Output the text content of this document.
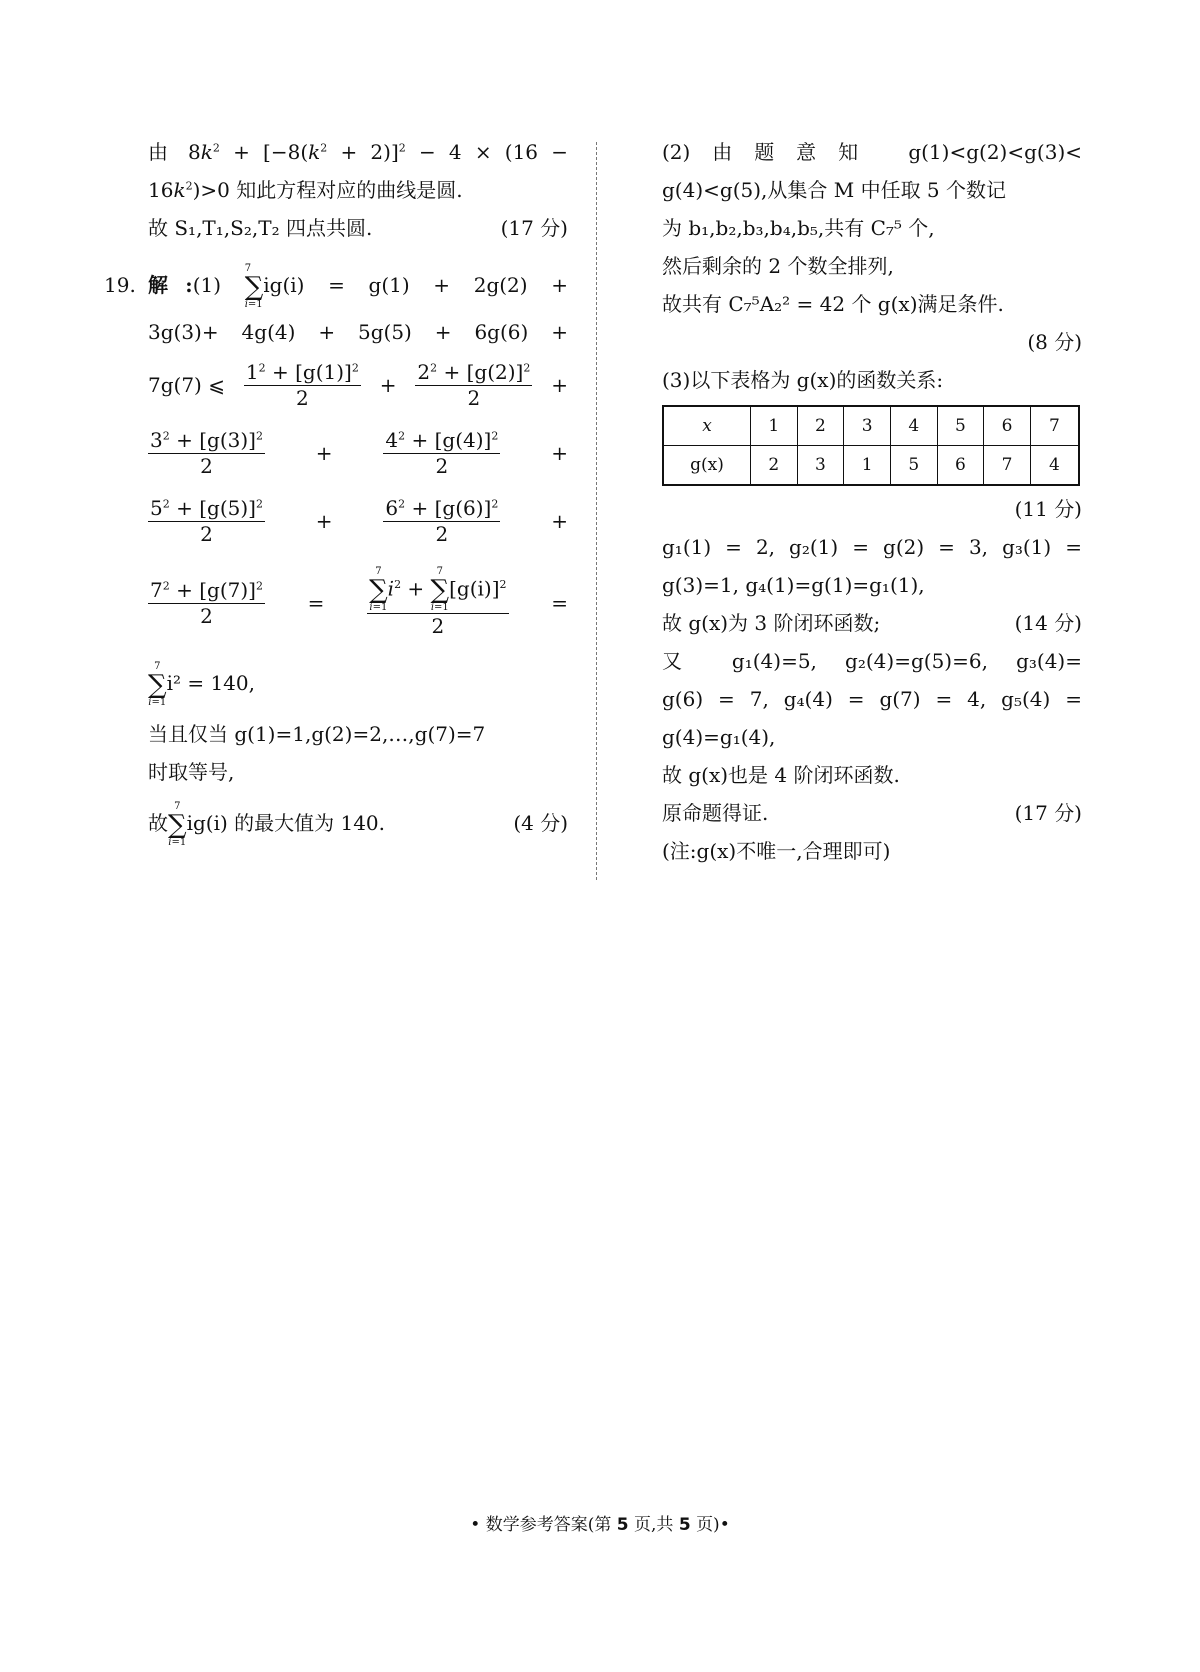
由 $8k^2 + [-8(k^2 + 2)]^2 - 4 \times (16$ −
$16k^2)>0$ 知此方程对应的曲线是圆.
故 S₁,T₁,S₂,T₂ 四点共圆.	(17 分)
19. 解:(1)
7
∑
i=1
ig(i) = g(1) + 2g(2) +
3g(3)+ 4g(4) + 5g(5) + 6g(6) +
7g(7) ⩽ $\frac{1^2 + [g(1)]^2}{2} + \frac{2^2 + [g(2)]^2}{2}$ +
$\frac{3^2 + [g(3)]^2}{2}$	+	$\frac{4^2 + [g(4)]^2}{2}$	+
$\frac{5^2 + [g(5)]^2}{2}$	+	$\frac{6^2 + [g(6)]^2}{2}$	+
$\frac{7^2 + [g(7)]^2}{2}$ =	7
∑
i=1
$i^2$ +
7
∑
i=1
$[g(i)]^2$
2 =
7
∑
i=1
i² = 140,
当且仅当 g(1)=1,g(2)=2,…,g(7)=7
时取等号,
故
7
∑
i=1
ig(i) 的最大值为 140.	(4 分)
(2)由题意知 g(1)<g(2)<g(3)<
g(4)<g(5),从集合 M 中任取 5 个数记
为 b₁,b₂,b₃,b₄,b₅,共有 C₇⁵ 个,
然后剩余的 2 个数全排列,
故共有 C₇⁵A₂² = 42 个 g(x)满足条件.
(8 分)
(3)以下表格为 g(x)的函数关系:
x	1	2	3	4	5	6	7
g(x)	2	3	1	5	6	7	4
(11 分)
g₁(1) = 2, g₂(1) = g(2) = 3, g₃(1) =
g(3)=1, g₄(1)=g(1)=g₁(1),
故 g(x)为 3 阶闭环函数;	(14 分)
又 g₁(4)=5, g₂(4)=g(5)=6, g₃(4)=
g(6) = 7, g₄(4) = g(7) = 4, g₅(4) =
g(4)=g₁(4),
故 g(x)也是 4 阶闭环函数.
原命题得证.	(17 分)
(注:g(x)不唯一,合理即可)
• 数学参考答案(第 5 页,共 5 页)•
